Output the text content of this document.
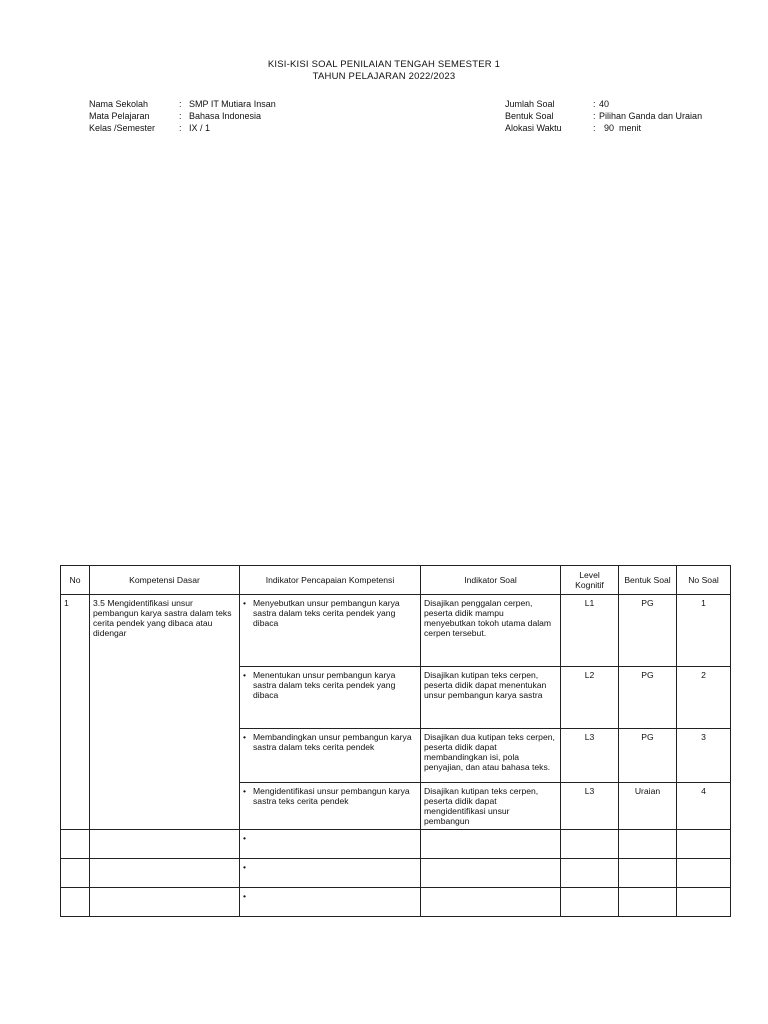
KISI-KISI SOAL PENILAIAN TENGAH SEMESTER 1
TAHUN PELAJARAN 2022/2023
Nama Sekolah	: SMP IT Mutiara Insan
Mata Pelajaran	: Bahasa Indonesia
Kelas /Semester	: IX / 1
Jumlah Soal	: 40
Bentuk Soal	: Pilihan Ganda dan Uraian
Alokasi Waktu	: 90  menit
No	Kompetensi Dasar	Indikator Pencapaian Kompetensi	Indikator Soal	Level Kognitif	Bentuk Soal	No Soal
1	3.5 Mengidentifikasi unsur pembangun karya sastra dalam teks cerita pendek yang dibaca atau didengar	• Menyebutkan unsur pembangun karya sastra dalam teks cerita pendek yang dibaca	Disajikan penggalan cerpen, peserta didik mampu menyebutkan tokoh utama dalam cerpen tersebut.	L1	PG	1

		• Menentukan unsur pembangun karya sastra dalam teks cerita pendek yang dibaca	Disajikan kutipan teks cerpen, peserta didik dapat menentukan unsur pembangun karya sastra	L2	PG	2

		• Membandingkan unsur pembangun karya sastra dalam teks cerita pendek	Disajikan dua kutipan teks cerpen, peserta didik dapat membandingkan isi, pola penyajian, dan atau bahasa teks.	L3	PG	3

		• Mengidentifikasi unsur pembangun karya sastra teks cerita pendek	Disajikan kutipan teks cerpen, peserta didik dapat mengidentifikasi unsur pembangun	L3	Uraian	4
		•				
		•				
		•				
